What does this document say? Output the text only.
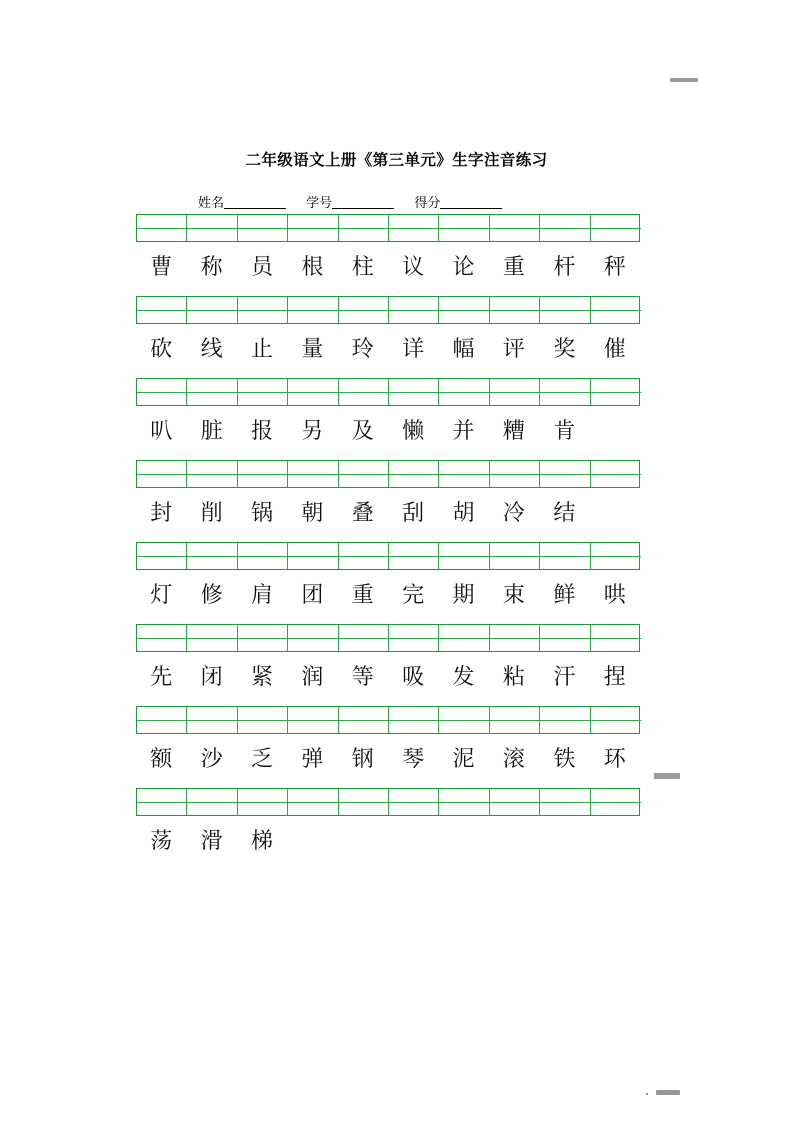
二年级语文上册《第三单元》生字注音练习
姓名	学号	得分
曹	称	员	根	柱	议	论	重	杆	秤
砍	线	止	量	玲	详	幅	评	奖	催
叭	脏	报	另	及	懒	并	糟	肯
封	削	锅	朝	叠	刮	胡	冷	结
灯	修	肩	团	重	完	期	束	鲜	哄
先	闭	紧	润	等	吸	发	粘	汗	捏
额	沙	乏	弹	钢	琴	泥	滚	铁	环
荡	滑	梯
